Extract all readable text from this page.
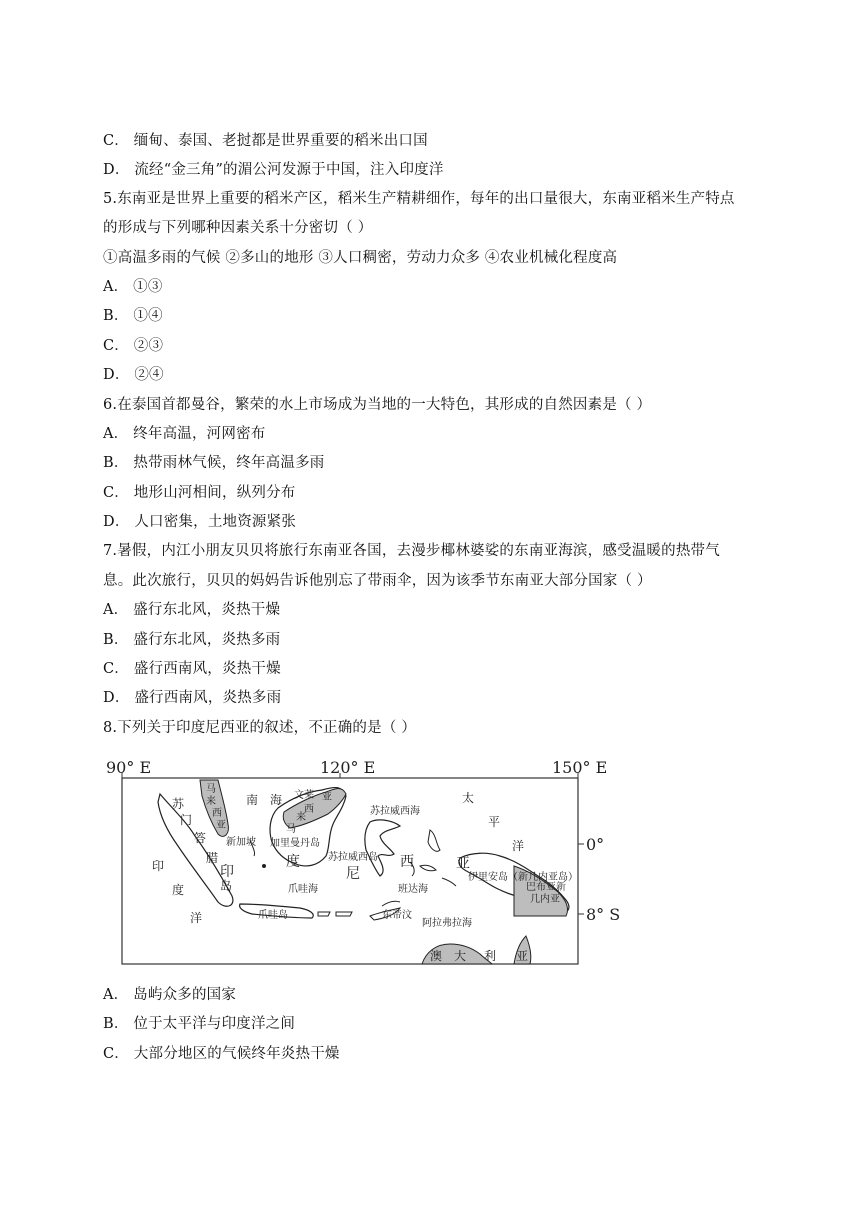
C． 缅甸、泰国、老挝都是世界重要的稻米出口国
D． 流经“金三角”的湄公河发源于中国，注入印度洋
5.东南亚是世界上重要的稻米产区，稻米生产精耕细作，每年的出口量很大，东南亚稻米生产特点
的形成与下列哪种因素关系十分密切（ ）
①高温多雨的气候 ②多山的地形 ③人口稠密，劳动力众多 ④农业机械化程度高
A． ①③
B． ①④
C． ②③
D． ②④
6.在泰国首都曼谷，繁荣的水上市场成为当地的一大特色，其形成的自然因素是（ ）
A． 终年高温，河网密布
B． 热带雨林气候，终年高温多雨
C． 地形山河相间，纵列分布
D． 人口密集，土地资源紧张
7.暑假，内江小朋友贝贝将旅行东南亚各国，去漫步椰林婆娑的东南亚海滨，感受温暖的热带气
息。此次旅行，贝贝的妈妈告诉他别忘了带雨伞，因为该季节东南亚大部分国家（ ）
A． 盛行东北风，炎热干燥
B． 盛行东北风，炎热多雨
C． 盛行西南风，炎热干燥
D． 盛行西南风，炎热多雨
8.下列关于印度尼西亚的叙述，不正确的是（ ）
90° E	120° E	150° E
0°
8° S
马
来
西
亚
南 海 文莱 亚
马
来
西
苏
门
答
腊
新加坡 加里曼丹岛
苏拉威西海
苏拉威西岛
印
度
尼
西	亚
岛
太
平
洋
印
度
洋
爪哇海
爪哇岛
班达海
东帝汶
阿拉弗拉海
伊里安岛（新几内亚岛）
巴布亚新
几内亚
澳 大 利 亚
A． 岛屿众多的国家
B． 位于太平洋与印度洋之间
C． 大部分地区的气候终年炎热干燥
